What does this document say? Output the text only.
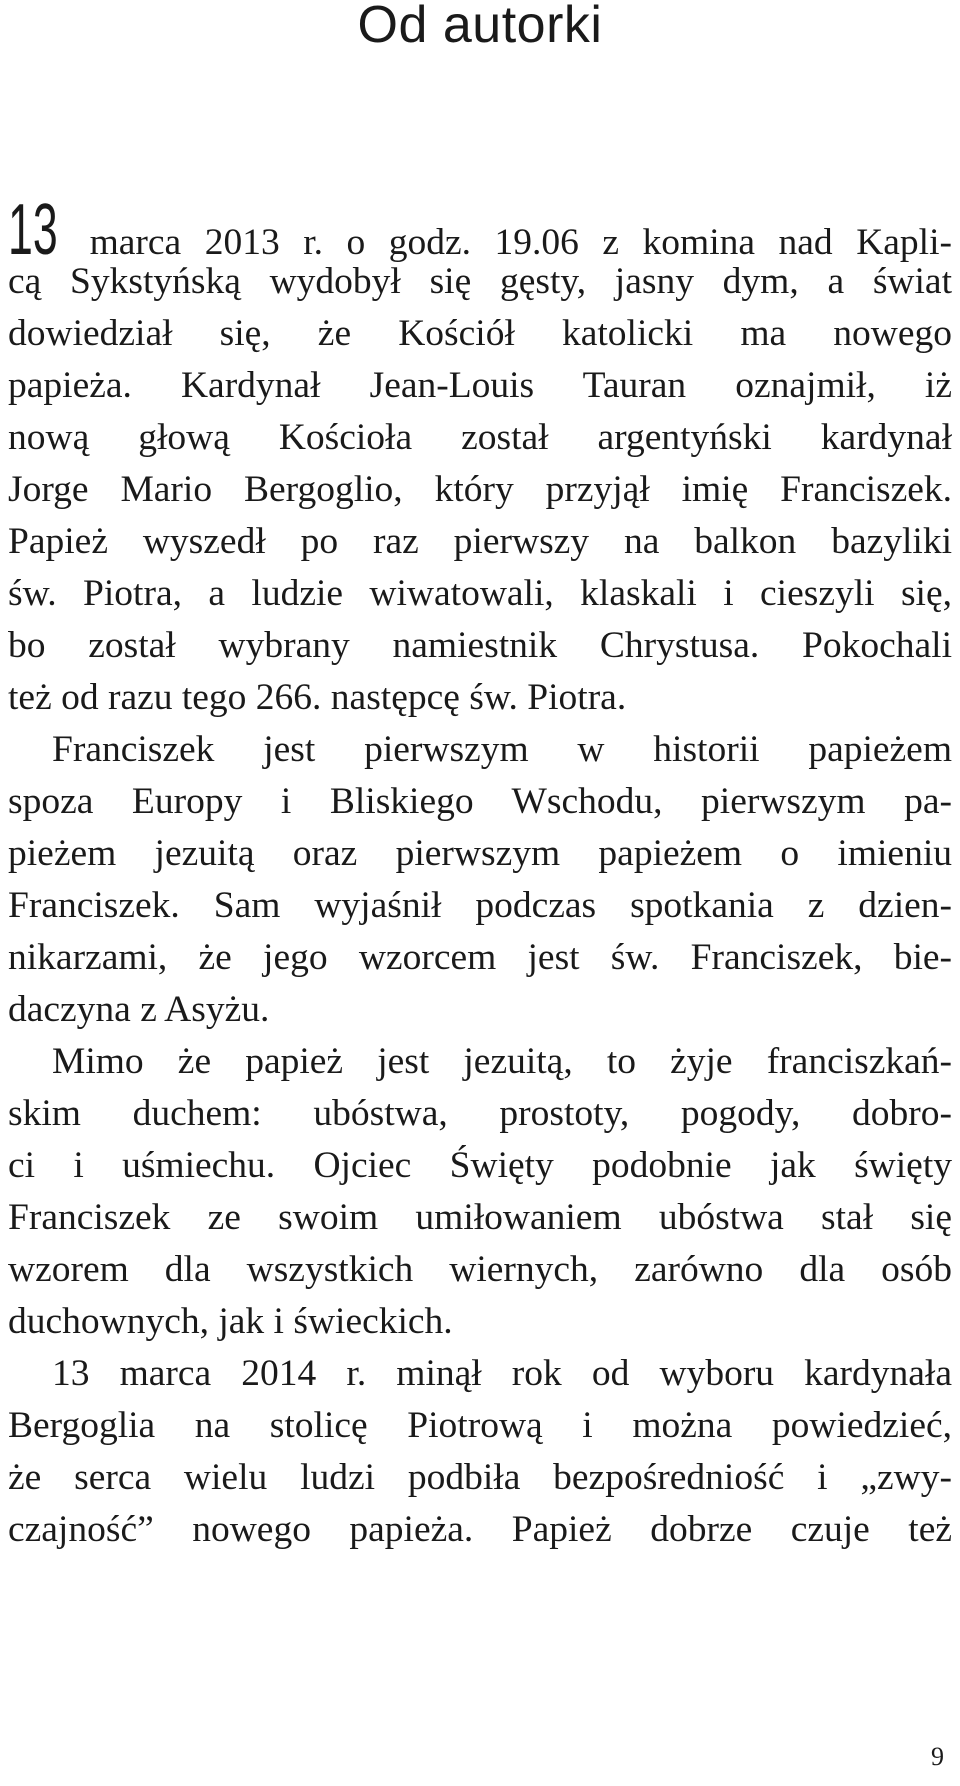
Od autorki

13 marca 2013 r. o godz. 19.06 z komina nad Kapli-

cą Sykstyńską wydobył się gęsty, jasny dym, a świat

dowiedział się, że Kościół katolicki ma nowego

papieża. Kardynał Jean-Louis Tauran oznajmił, iż

nową głową Kościoła został argentyński kardynał

Jorge Mario Bergoglio, który przyjął imię Franciszek.

Papież wyszedł po raz pierwszy na balkon bazyliki

św. Piotra, a ludzie wiwatowali, klaskali i cieszyli się,

bo został wybrany namiestnik Chrystusa. Pokochali

też od razu tego 266. następcę św. Piotra.

Franciszek jest pierwszym w historii papieżem

spoza Europy i Bliskiego Wschodu, pierwszym pa-

pieżem jezuitą oraz pierwszym papieżem o imieniu

Franciszek. Sam wyjaśnił podczas spotkania z dzien-

nikarzami, że jego wzorcem jest św. Franciszek, bie-

daczyna z Asyżu.

Mimo że papież jest jezuitą, to żyje franciszkań-

skim duchem: ubóstwa, prostoty, pogody, dobro-

ci i uśmiechu. Ojciec Święty podobnie jak święty

Franciszek ze swoim umiłowaniem ubóstwa stał się

wzorem dla wszystkich wiernych, zarówno dla osób

duchownych, jak i świeckich.

13 marca 2014 r. minął rok od wyboru kardynała

Bergoglia na stolicę Piotrową i można powiedzieć,

że serca wielu ludzi podbiła bezpośredniość i „zwy-

czajność” nowego papieża. Papież dobrze czuje też

9
